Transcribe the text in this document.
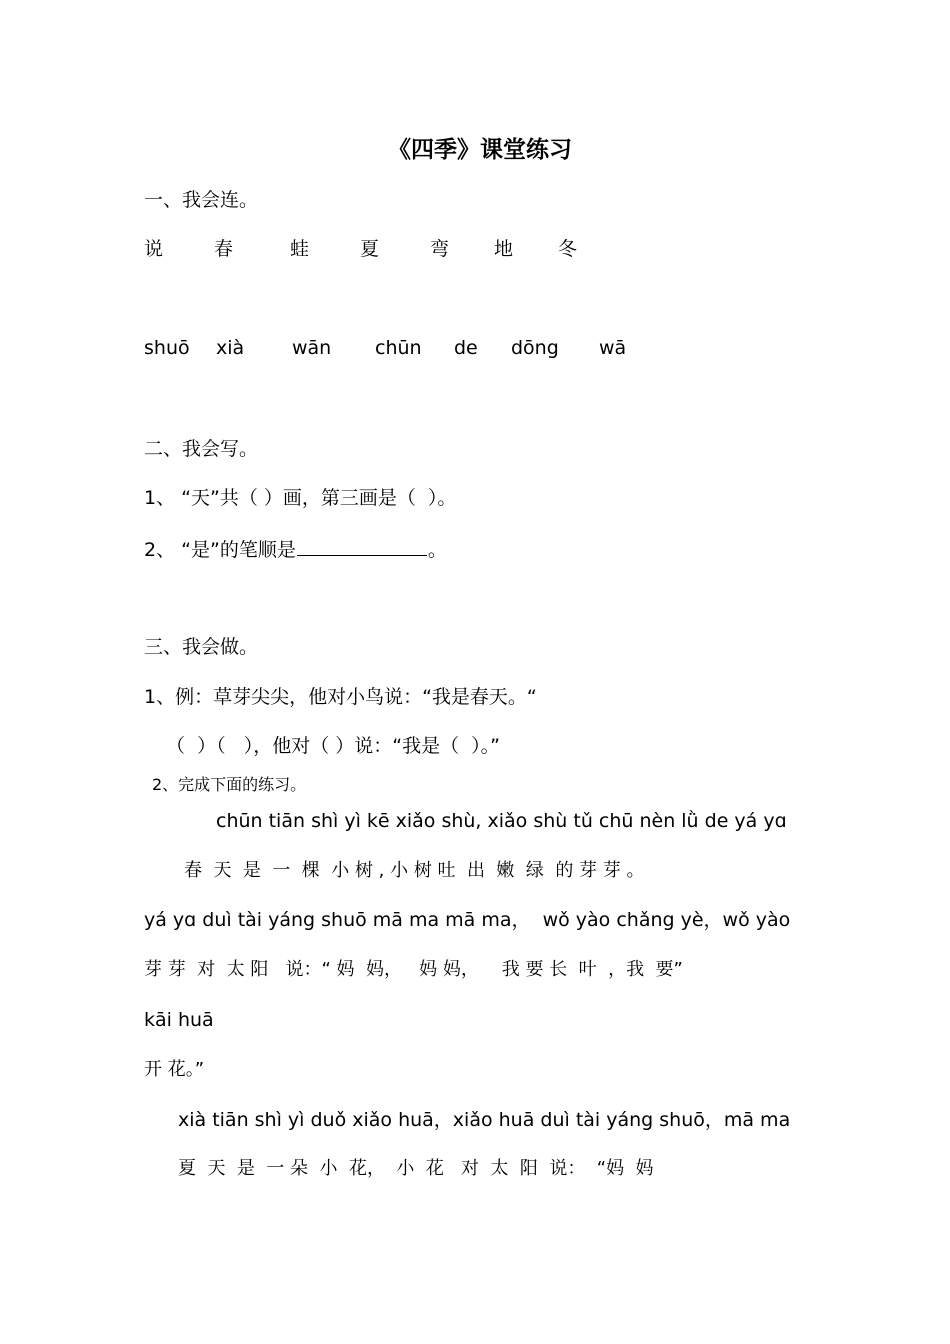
《四季》课堂练习
一、我会连。
说	春	蛙	夏	弯 地 冬
shuō xià	wān chūn de dōng wā
二、我会写。
1、 “天”共（ ）画，第三画是（  ）。
2、 “是”的笔顺是	。
三、我会做。
1、例：草芽尖尖，他对小鸟说：“我是春天。“
（  ）（   ），他对（ ）说：“我是（  ）。”
2、完成下面的练习。
chūn tiān shì yì kē xiǎo shù, xiǎo shù tǔ chū nèn lǜ de yá yɑ
春  天  是  一  棵  小 树 , 小 树 吐  出  嫩  绿  的 芽 芽 。
yá yɑ duì tài yáng shuō mā ma mā ma，  wǒ yào chǎng yè，wǒ yào
芽 芽  对  太 阳   说：“ 妈  妈，   妈 妈，    我 要 长  叶  ，我  要”
kāi huā
开 花。”
xià tiān shì yì duǒ xiǎo huā，xiǎo huā duì tài yáng shuō，mā ma
夏  天  是  一 朵  小  花，  小  花   对  太  阳  说：  “妈  妈
